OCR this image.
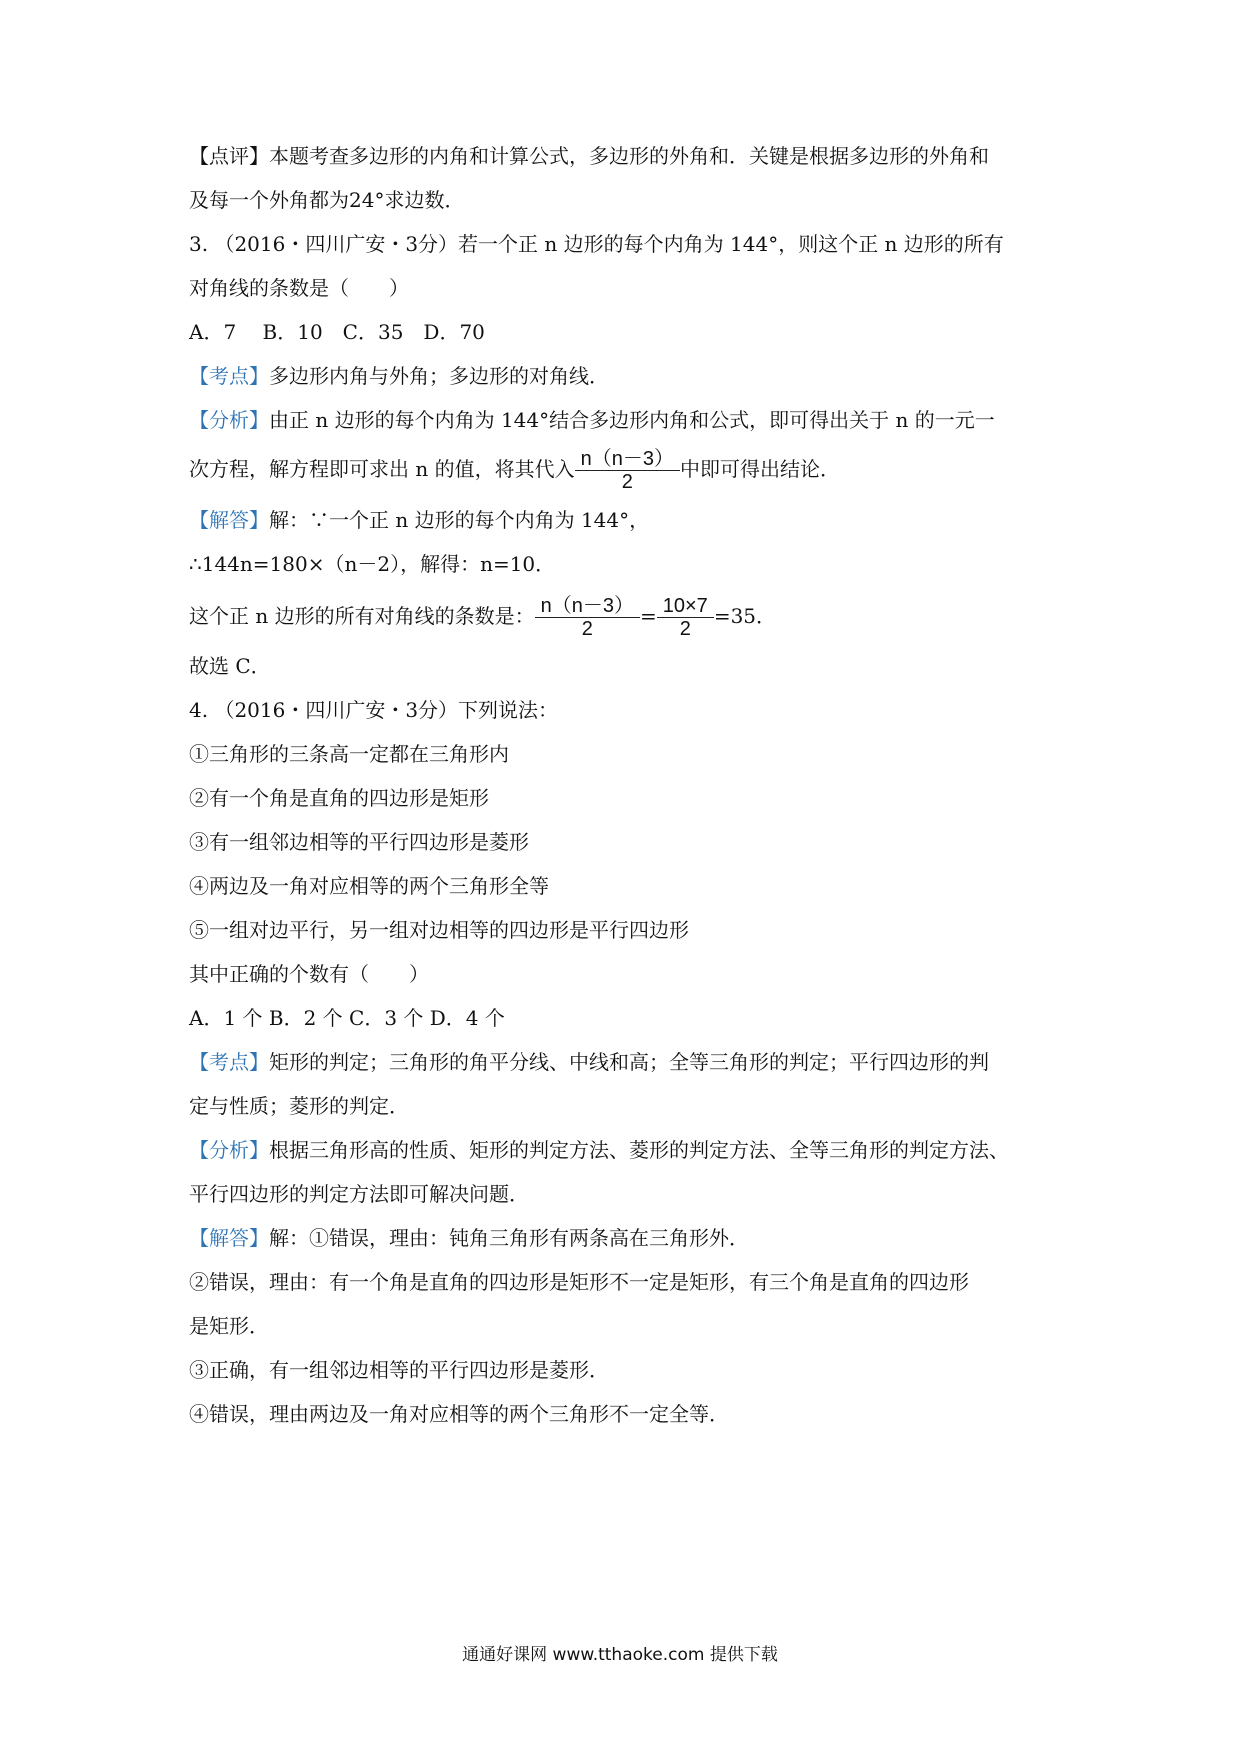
【点评】本题考查多边形的内角和计算公式，多边形的外角和．关键是根据多边形的外角和
及每一个外角都为24°求边数．
3. （2016・四川广安・3分）若一个正 n 边形的每个内角为 144°，则这个正 n 边形的所有
对角线的条数是（　　）
A．7　 B．10　C．35　D．70
【考点】多边形内角与外角；多边形的对角线．
【分析】由正 n 边形的每个内角为 144°结合多边形内角和公式，即可得出关于 n 的一元一
次方程，解方程即可求出 n 的值，将其代入 $\frac{n(n-3)}{2}$ 中即可得出结论．
【解答】解：∵一个正 n 边形的每个内角为 144°，
∴144n=180×（n－2），解得：n=10．
这个正 n 边形的所有对角线的条数是： $\frac{n(n-3)}{2} = \frac{10\times 7}{2} =35$．
故选 C．
4. （2016・四川广安・3分）下列说法：
①三角形的三条高一定都在三角形内
②有一个角是直角的四边形是矩形
③有一组邻边相等的平行四边形是菱形
④两边及一角对应相等的两个三角形全等
⑤一组对边平行，另一组对边相等的四边形是平行四边形
其中正确的个数有（　　）
A．1 个 B．2 个 C．3 个 D．4 个
【考点】矩形的判定；三角形的角平分线、中线和高；全等三角形的判定；平行四边形的判
定与性质；菱形的判定．
【分析】根据三角形高的性质、矩形的判定方法、菱形的判定方法、全等三角形的判定方法、
平行四边形的判定方法即可解决问题．
【解答】解：①错误，理由：钝角三角形有两条高在三角形外．
②错误，理由：有一个角是直角的四边形是矩形不一定是矩形，有三个角是直角的四边形
是矩形．
③正确，有一组邻边相等的平行四边形是菱形．
④错误，理由两边及一角对应相等的两个三角形不一定全等．
通通好课网 www.tthaoke.com 提供下载
